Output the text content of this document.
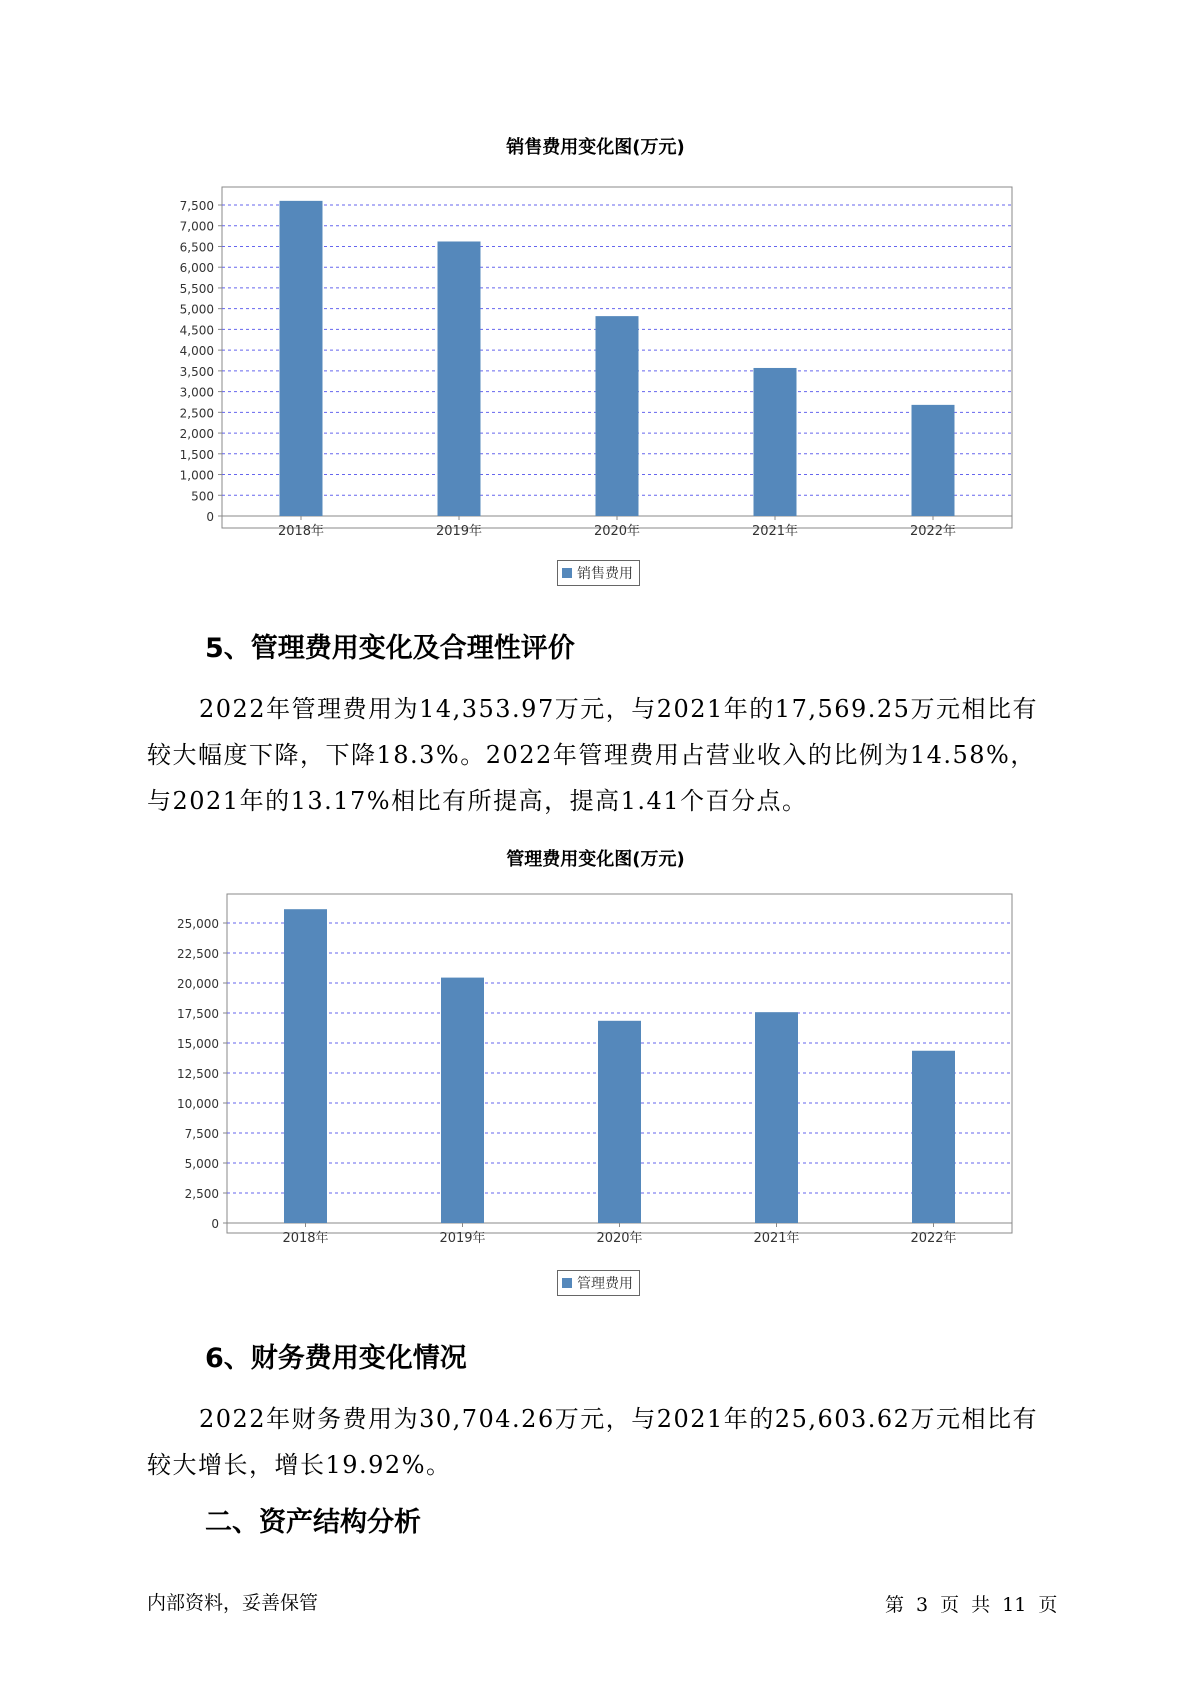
销售费用变化图(万元)
0
500
1,000
1,500
2,000
2,500
3,000
3,500
4,000
4,500
5,000
5,500
6,000
6,500
7,000
7,500
2018年	2019年	2020年	2021年	2022年
销售费用
5、管理费用变化及合理性评价
2022年管理费用为14,353.97万元，与2021年的17,569.25万元相比有较大幅度下降，下降18.3%。2022年管理费用占营业收入的比例为14.58%，与2021年的13.17%相比有所提高，提高1.41个百分点。
管理费用变化图(万元)
0
2,500
5,000
7,500
10,000
12,500
15,000
17,500
20,000
22,500
25,000
2018年	2019年	2020年	2021年	2022年
管理费用
6、财务费用变化情况
2022年财务费用为30,704.26万元，与2021年的25,603.62万元相比有较大增长，增长19.92%。
二、资产结构分析
内部资料，妥善保管	第 3 页 共 11 页
